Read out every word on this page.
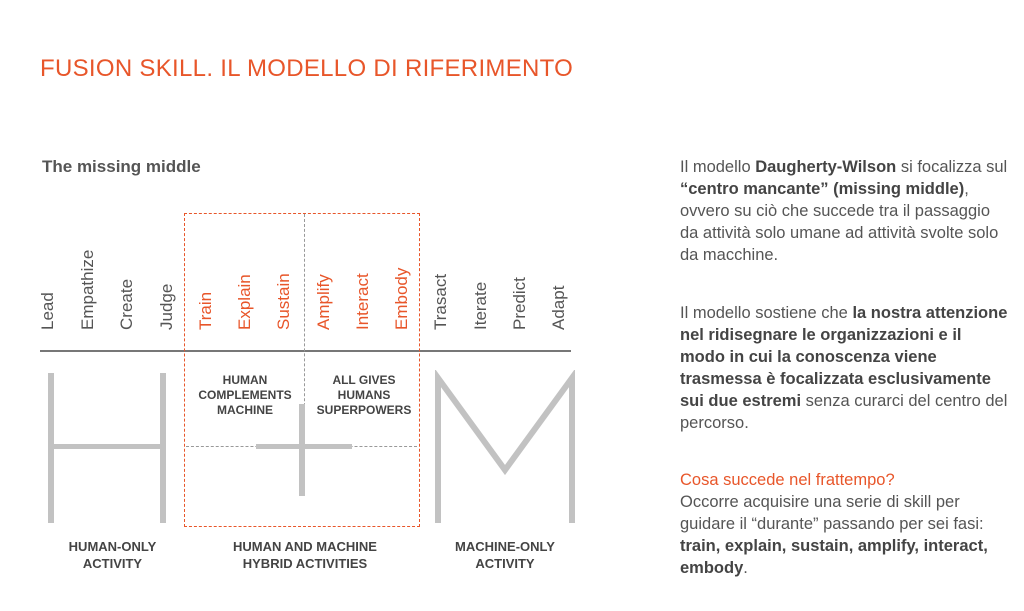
FUSION SKILL. IL MODELLO DI RIFERIMENTO
The missing middle
Lead Empathize Create Judge Train Explain Sustain Amplify Interact Embody Trasact Iterate Predict Adapt
HUMAN
COMPLEMENTS
MACHINE
ALL GIVES
HUMANS
SUPERPOWERS
HUMAN-ONLY
ACTIVITY
HUMAN AND MACHINE
HYBRID ACTIVITIES
MACHINE-ONLY
ACTIVITY

Il modello Daugherty-Wilson si focalizza sul “centro mancante” (missing middle), ovvero su ciò che succede tra il passaggio da attività solo umane ad attività svolte solo da macchine.

Il modello sostiene che la nostra attenzione nel ridisegnare le organizzazioni e il modo in cui la conoscenza viene trasmessa è focalizzata esclusivamente sui due estremi senza curarci del centro del percorso.

Cosa succede nel frattempo?
Occorre acquisire una serie di skill per guidare il “durante” passando per sei fasi: train, explain, sustain, amplify, interact, embody.
